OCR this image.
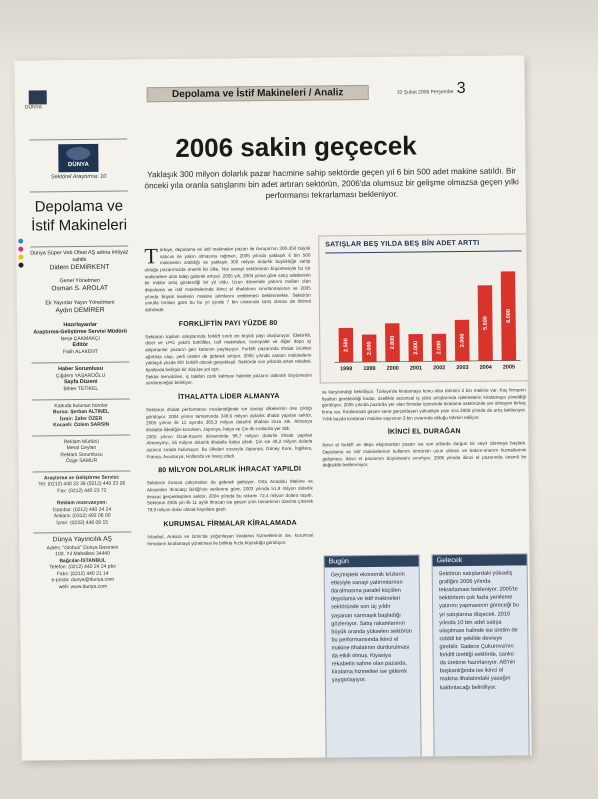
DÜNYA
Depolama ve İstif Makineleri / Analiz	10 Şubat 2006 Perşembe 3
DÜNYA
Sektörel Araştırma: 10
Depolama ve
İstif Makineleri
Dünya Süper Veb Ofset AŞ adına imtiyaz sahibi
Didem DEMİRKENT
Genel Yönetmen
Osman S. AROLAT
Ek Yayınlar Yayın Yönetmeni
Aydın DEMİRER
Hazırlayanlar
Araştırma-Geliştirme Servisi Müdürü
Neşe ÇAKMAKÇI
Editör
Fatih ALAKENT
Haber Sorumlusu
Çiğdem YAŞAROĞLU
Sayfa Düzeni
Bihter TETİKEL
Katkıda bulunan bürolar
Bursa: Şerban ALTINEL
İzmir: Zafer ÖZER
Kocaeli: Özlem SARSIN
Reklam Müdürü
Meral Ceylan
Reklam Sorumlusu
Özge SAMUR
Araştırma ve Geliştirme Servisi:
Tel: (0212) 440 22 38 (0212) 440 23 26
Fax: (0212) 440 23 72
Reklam rezervasyon:
İstanbul: (0212) 440 24 24
Ankara: (0312) 492 06 00
İzmir: (0232) 446 09 15
Dünya Yayıncılık AŞ
Adres: "Globus" Dünya Basınevi
100. Yıl Mahallesi 34440
Bağcılar-İSTANBUL
Telefon: (0212) 440 24 24 pbx
Faks: (0212) 440 21 14
e-posta: dunya@dunya.com
web: www.dunya.com
2006 sakin geçecek
Yaklaşık 300 milyon dolarlık pazar hacmine sahip sektörde geçen yıl 6 bin 500 adet makine satıldı. Bir önceki yıla oranla satışlarını bin adet artıran sektörün, 2006'da olumsuz bir gelişme olmazsa geçen yılki performansı tekrarlaması bekleniyor.

Türkiye, depolama ve istif makineleri pazarı ile Avrupa'nın 300-350 büyük satıcısı ile yakın olmasına rağmen, 2005 yılında yaklaşık 6 bin 500 makinenin satıldığı ve yaklaşık 300 milyon dolarlık büyüklüğe sahip olduğu pazarımızda önemli bir ülke. Not sanayi sektörünün büyümesiyle bu tür makinelere olan talep giderek artıyor. 2005 yılı, 2004 yılına göre satış adetlerinin bir miktar artış gösterdiği bir yıl oldu. Uzun dönemde yatırım malları olan depolama ve istif makinelerinde ikinci el ithalatının sınırlanmasının ve 2005 yılında büyük kesilerin makine alımlarını ertelemesi beklenmekte. Sektörün umutla trimları göre bu bu yıl içinde 7 bin civarında satış olması da ihtimal dahilinde.

FORKLİFTİN PAYI YÜZDE 80

Sektörün toplam satışlarında forklift sınıfı en büyük payı oluşturuyor. Elektrikli, dizel ve LPG yakıtlı forkliftler, istif makineleri, transpalet ve diğer depo içi ekipmanlar pazarın geri kalanını paylaşıyor. Forklift pazarında ithalat ürünleri ağırlıkta olup, yerli üretim de giderek artıyor. 2005 yılında satılan makinelerin yaklaşık yüzde 80'i forklift olarak gerçekleşti. Sektörde son yıllarda artan rekabet, fiyatlarda belirgin bir düşüşe yol açtı.

Sektör temsilcileri, iç talebin canlı kalması halinde pazarın istikrarlı büyümesini sürdüreceğini belirtiyor.

İTHALATTA LİDER ALMANYA

Sektörün ithalat performansı incelendiğinde ise sanayi ülkelerinin öne çıktığı görülüyor. 2004 yılının tamamında 348,6 milyon dolarlık ithalat yapılan sektör, 2005 yılının ilk 11 ayında 365,3 milyon dolarlık ithalata imza attı. Almanya ithalatta liderliğini korurken, Japonya, İtalya ve Çin ilk sıralarda yer aldı.

2005 yılının Ocak-Kasım döneminde 98,7 milyon dolarlık ithalat yapılan Almanya'yı, 55 milyon dolarlık ithalatla İtalya izledi. Çin ise 49,2 milyon dolarla üçüncü sırada bulunuyor. Bu ülkeleri sırasıyla Japonya, Güney Kore, İngiltere, Fransa, Avusturya, Hollanda ve İsveç izledi.

80 MİLYON DOLARLIK İHRACAT YAPILDI

Sektörün ihracat çalışmaları da giderek gelişiyor. Orta Anadolu Makine ve Aksamları İhracatçı Birliği'nin verilerine göre, 2003 yılında 51,9 milyon dolarlık ihracat gerçekleştiren sektör, 2004 yılında bu rakamı 72,4 milyon dolara taşıdı. Sektörün 2005 yılı ilk 11 aylık ihracatı ise geçen yılın tamamının üzerine çıkarak 79,9 milyon dolar olarak kayıtlara geçti.

KURUMSAL FİRMALAR KİRALAMADA

İstanbul, Ankara ve İzmir'de yoğunlaşan kiralama hizmetlerinin ise, kurumsal firmaların kiralamaya yönelmesi ile birlikte hızla büyüdüğü görülüyor.

SATIŞLAR BEŞ YILDA BEŞ BİN ADET ARTTI
2.500
1998
2.000
1999
2.800
2000
2.000
2001
2.000
2002
3.000
2003
5.500
2004
6.500
2005

ve karşılandığı belirtiliyor. Türkiye'de kiralamaya konu olan tahmini 2 bin makine var. Koç firmanın fiyatları gerektirdiği kadar, özellikle sezonsal iş yükü artışlarında işletmelerin kiralamaya yöneldiği görülüyor. 2005 yılında pazarda yer alan firmalar içerisinde kiralama sektöründe yer almayan birkaç firma var. Kiralamada geçen sene gerçekleşen yükselişin yanı sıra 2006 yılında da artış bekleniyor. Yıllık bazda kiralanan makine sayısının 3 bin civarında olduğu tahmin ediliyor.

İKİNCİ EL DURAĞAN

İkinci el forklift ve depo ekipmanları pazarı ise son yıllarda durgun bir seyir izlemeye başladı. Depolama ve istif makinelerinin kullanım ömrünün uzun olması ve bakım-onarım hizmetlerinin gelişmesi, ikinci el pazarının büyümesini sınırlıyor. 2006 yılında ikinci el pazarında önemli bir değişiklik beklenmiyor.

Bugün
Geçmişteki ekonomik krizlerin etkisiyle sanayi yatırımlarının daralmasına paralel küçülen depolama ve istif makineleri sektöründe son üç yıldır yaşanan sarmaşık başladığı gözleniyor. Satış rakamlarının büyük oranda yükselen sektörün bu performansında ikinci el makine ithalatının durdurulması da etkili olmuş. Kiyasiya rekabetin sahne olan pazarda, kiralama hizmetleri ise giderek yaygınlaşıyor.
Gelecek
Sektörün satışlardaki yükseliş grafiğini 2006 yılında tekrarlaması bekleniyor. 2005'te sektörlerin çok fazla yenileme yatırımı yapmasının göreceği bu yıl satışlarına düşecek. 2010 yılında 10 bin adet satışa ulaşılması halinde ise üretim de cidddi bir şekilde devreye girebilir. Sadece Çukurova'nın forklift ürettiği sektörde, sanko da üretime hazırlanıyor. AB'nin başkanlığında ise ikinci el makina ithalatındaki yasağın kaldırılacağı belirtiliyor.
